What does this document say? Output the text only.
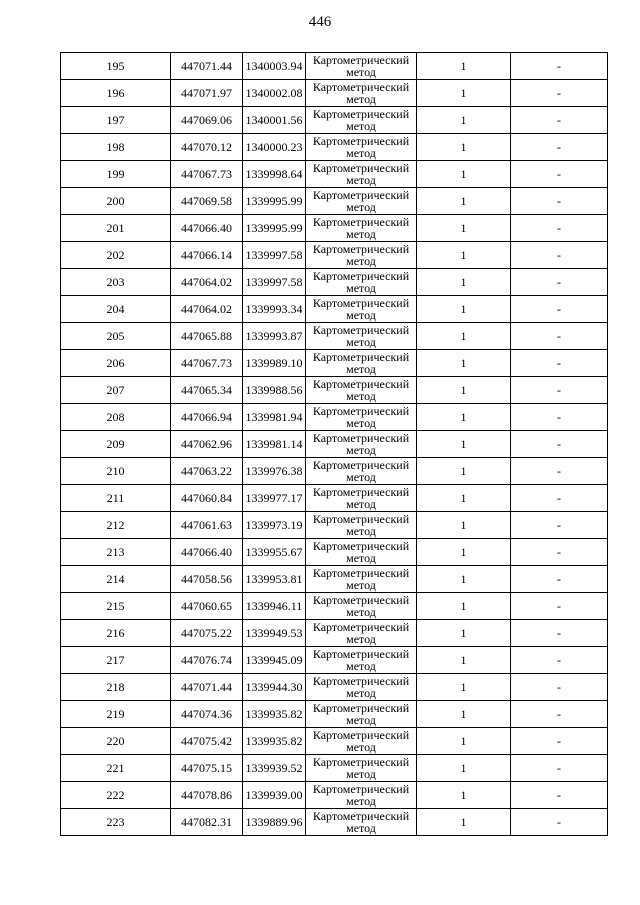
446
195	447071.44	1340003.94	Картометрический метод	1	-
196	447071.97	1340002.08	Картометрический метод	1	-
197	447069.06	1340001.56	Картометрический метод	1	-
198	447070.12	1340000.23	Картометрический метод	1	-
199	447067.73	1339998.64	Картометрический метод	1	-
200	447069.58	1339995.99	Картометрический метод	1	-
201	447066.40	1339995.99	Картометрический метод	1	-
202	447066.14	1339997.58	Картометрический метод	1	-
203	447064.02	1339997.58	Картометрический метод	1	-
204	447064.02	1339993.34	Картометрический метод	1	-
205	447065.88	1339993.87	Картометрический метод	1	-
206	447067.73	1339989.10	Картометрический метод	1	-
207	447065.34	1339988.56	Картометрический метод	1	-
208	447066.94	1339981.94	Картометрический метод	1	-
209	447062.96	1339981.14	Картометрический метод	1	-
210	447063.22	1339976.38	Картометрический метод	1	-
211	447060.84	1339977.17	Картометрический метод	1	-
212	447061.63	1339973.19	Картометрический метод	1	-
213	447066.40	1339955.67	Картометрический метод	1	-
214	447058.56	1339953.81	Картометрический метод	1	-
215	447060.65	1339946.11	Картометрический метод	1	-
216	447075.22	1339949.53	Картометрический метод	1	-
217	447076.74	1339945.09	Картометрический метод	1	-
218	447071.44	1339944.30	Картометрический метод	1	-
219	447074.36	1339935.82	Картометрический метод	1	-
220	447075.42	1339935.82	Картометрический метод	1	-
221	447075.15	1339939.52	Картометрический метод	1	-
222	447078.86	1339939.00	Картометрический метод	1	-
223	447082.31	1339889.96	Картометрический метод	1	-
